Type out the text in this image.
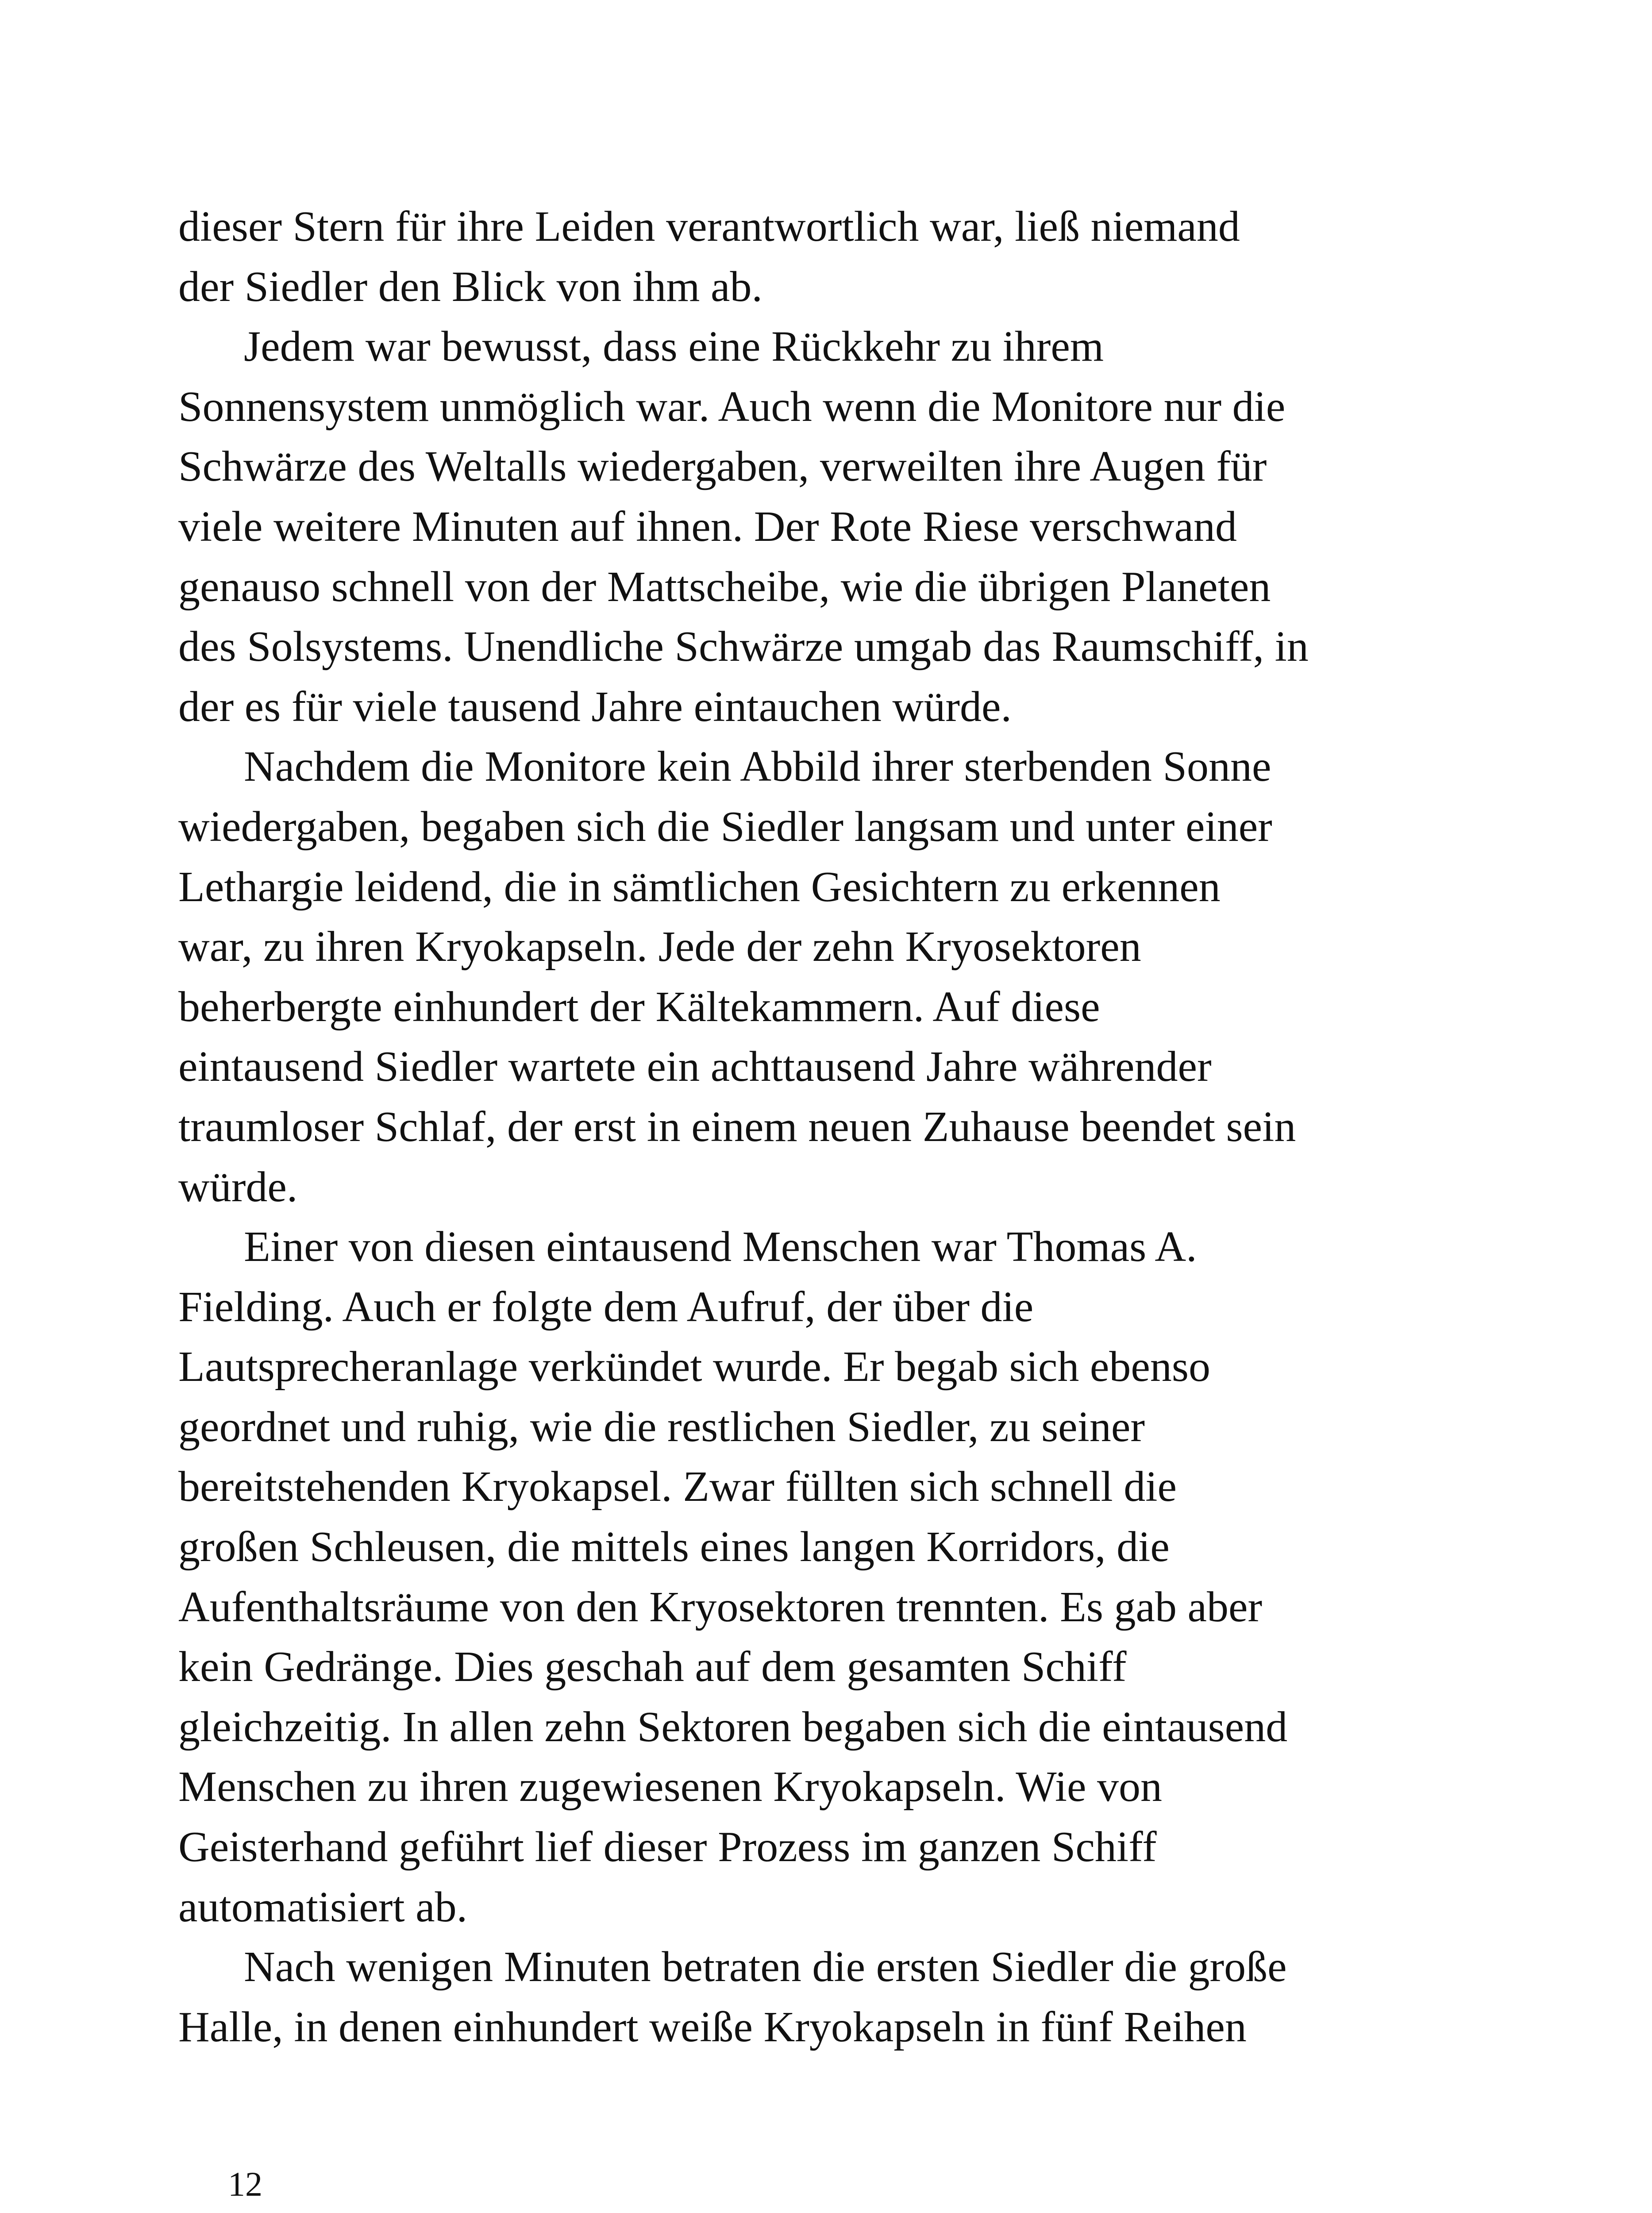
dieser Stern für ihre Leiden verantwortlich war, ließ niemand
der Siedler den Blick von ihm ab.
Jedem war bewusst, dass eine Rückkehr zu ihrem
Sonnensystem unmöglich war. Auch wenn die Monitore nur die
Schwärze des Weltalls wiedergaben, verweilten ihre Augen für
viele weitere Minuten auf ihnen. Der Rote Riese verschwand
genauso schnell von der Mattscheibe, wie die übrigen Planeten
des Solsystems. Unendliche Schwärze umgab das Raumschiff, in
der es für viele tausend Jahre eintauchen würde.
Nachdem die Monitore kein Abbild ihrer sterbenden Sonne
wiedergaben, begaben sich die Siedler langsam und unter einer
Lethargie leidend, die in sämtlichen Gesichtern zu erkennen
war, zu ihren Kryokapseln. Jede der zehn Kryosektoren
beherbergte einhundert der Kältekammern. Auf diese
eintausend Siedler wartete ein achttausend Jahre währender
traumloser Schlaf, der erst in einem neuen Zuhause beendet sein
würde.
Einer von diesen eintausend Menschen war Thomas A.
Fielding. Auch er folgte dem Aufruf, der über die
Lautsprecheranlage verkündet wurde. Er begab sich ebenso
geordnet und ruhig, wie die restlichen Siedler, zu seiner
bereitstehenden Kryokapsel. Zwar füllten sich schnell die
großen Schleusen, die mittels eines langen Korridors, die
Aufenthaltsräume von den Kryosektoren trennten. Es gab aber
kein Gedränge. Dies geschah auf dem gesamten Schiff
gleichzeitig. In allen zehn Sektoren begaben sich die eintausend
Menschen zu ihren zugewiesenen Kryokapseln. Wie von
Geisterhand geführt lief dieser Prozess im ganzen Schiff
automatisiert ab.
Nach wenigen Minuten betraten die ersten Siedler die große
Halle, in denen einhundert weiße Kryokapseln in fünf Reihen
12
